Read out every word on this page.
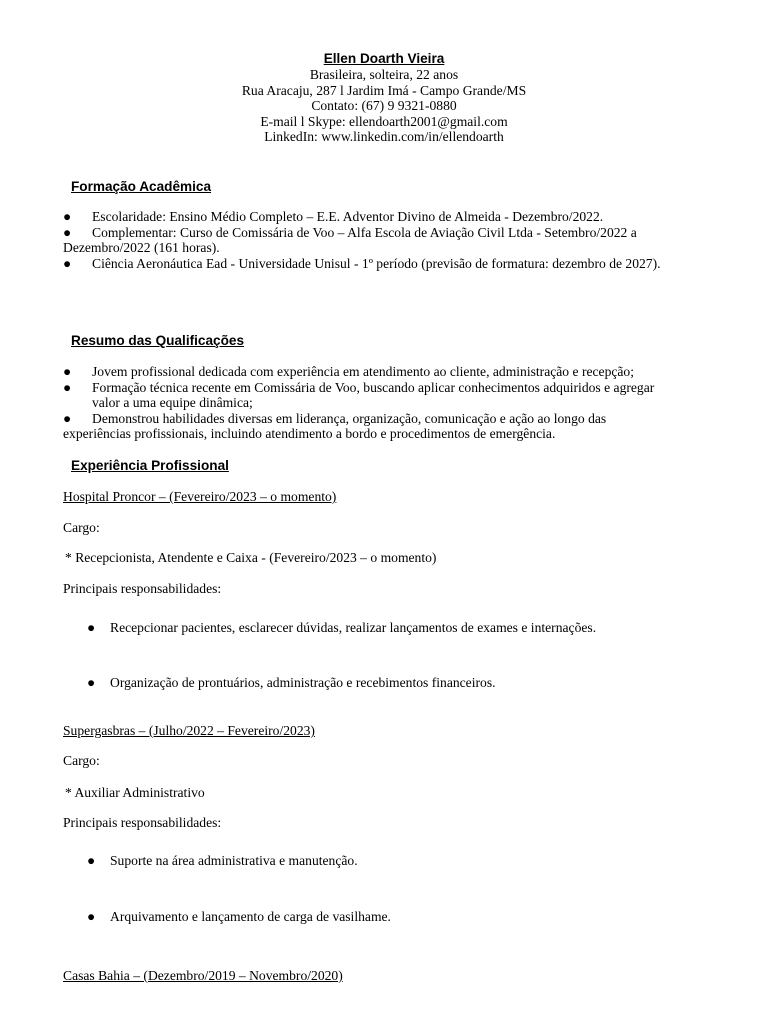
Ellen Doarth Vieira
Brasileira, solteira, 22 anos
Rua Aracaju, 287 l Jardim Imá - Campo Grande/MS
Contato: (67) 9 9321-0880
E-mail l Skype: ellendoarth2001@gmail.com
LinkedIn: www.linkedin.com/in/ellendoarth
Formação Acadêmica
● Escolaridade: Ensino Médio Completo – E.E. Adventor Divino de Almeida - Dezembro/2022.
● Complementar: Curso de Comissária de Voo – Alfa Escola de Aviação Civil Ltda - Setembro/2022 a Dezembro/2022 (161 horas).
● Ciência Aeronáutica Ead - Universidade Unisul - 1º período (previsão de formatura: dezembro de 2027).
Resumo das Qualificações
● Jovem profissional dedicada com experiência em atendimento ao cliente, administração e recepção;
● Formação técnica recente em Comissária de Voo, buscando aplicar conhecimentos adquiridos e agregar valor a uma equipe dinâmica;
● Demonstrou habilidades diversas em liderança, organização, comunicação e ação ao longo das experiências profissionais, incluindo atendimento a bordo e procedimentos de emergência.
Experiência Profissional
Hospital Proncor – (Fevereiro/2023 – o momento)
Cargo:
* Recepcionista, Atendente e Caixa - (Fevereiro/2023 – o momento)
Principais responsabilidades:
● Recepcionar pacientes, esclarecer dúvidas, realizar lançamentos de exames e internações.
● Organização de prontuários, administração e recebimentos financeiros.
Supergasbras – (Julho/2022 – Fevereiro/2023)
Cargo:
* Auxiliar Administrativo
Principais responsabilidades:
● Suporte na área administrativa e manutenção.
● Arquivamento e lançamento de carga de vasilhame.
Casas Bahia – (Dezembro/2019 – Novembro/2020)
